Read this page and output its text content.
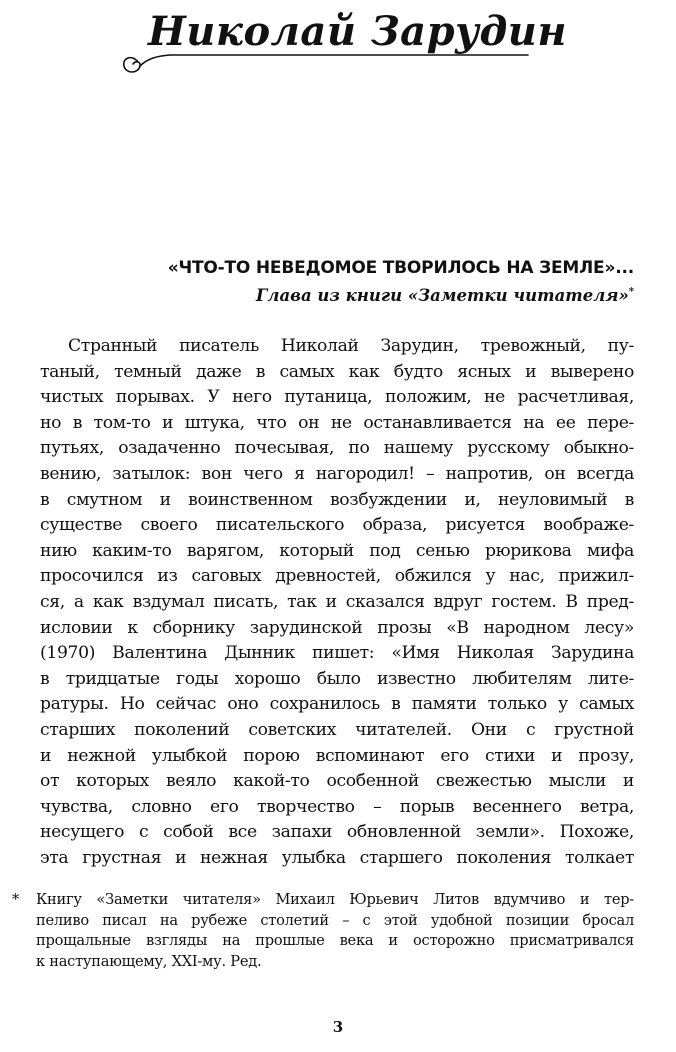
Николай Зарудин
«ЧТО-ТО НЕВЕДОМОЕ ТВОРИЛОСЬ НА ЗЕМЛЕ»...
Глава из книги «Заметки читателя»*
Странный писатель Николай Зарудин, тревожный, пу-
таный, темный даже в самых как будто ясных и выверено
чистых порывах. У него путаница, положим, не расчетливая,
но в том-то и штука, что он не останавливается на ее пере-
путьях, озадаченно почесывая, по нашему русскому обыкно-
вению, затылок: вон чего я нагородил! – напротив, он всегда
в смутном и воинственном возбуждении и, неуловимый в
существе своего писательского образа, рисуется воображе-
нию каким-то варягом, который под сенью рюрикова мифа
просочился из саговых древностей, обжился у нас, прижил-
ся, а как вздумал писать, так и сказался вдруг гостем. В пред-
исловии к сборнику зарудинской прозы «В народном лесу»
(1970) Валентина Дынник пишет: «Имя Николая Зарудина
в тридцатые годы хорошо было известно любителям лите-
ратуры. Но сейчас оно сохранилось в памяти только у самых
старших поколений советских читателей. Они с грустной
и нежной улыбкой порою вспоминают его стихи и прозу,
от которых веяло какой-то особенной свежестью мысли и
чувства, словно его творчество – порыв весеннего ветра,
несущего с собой все запахи обновленной земли». Похоже,
эта грустная и нежная улыбка старшего поколения толкает
* Книгу «Заметки читателя» Михаил Юрьевич Литов вдумчиво и тер-
пеливо писал на рубеже столетий – с этой удобной позиции бросал
прощальные взгляды на прошлые века и осторожно присматривался
к наступающему, XXI-му. Ред.
3
